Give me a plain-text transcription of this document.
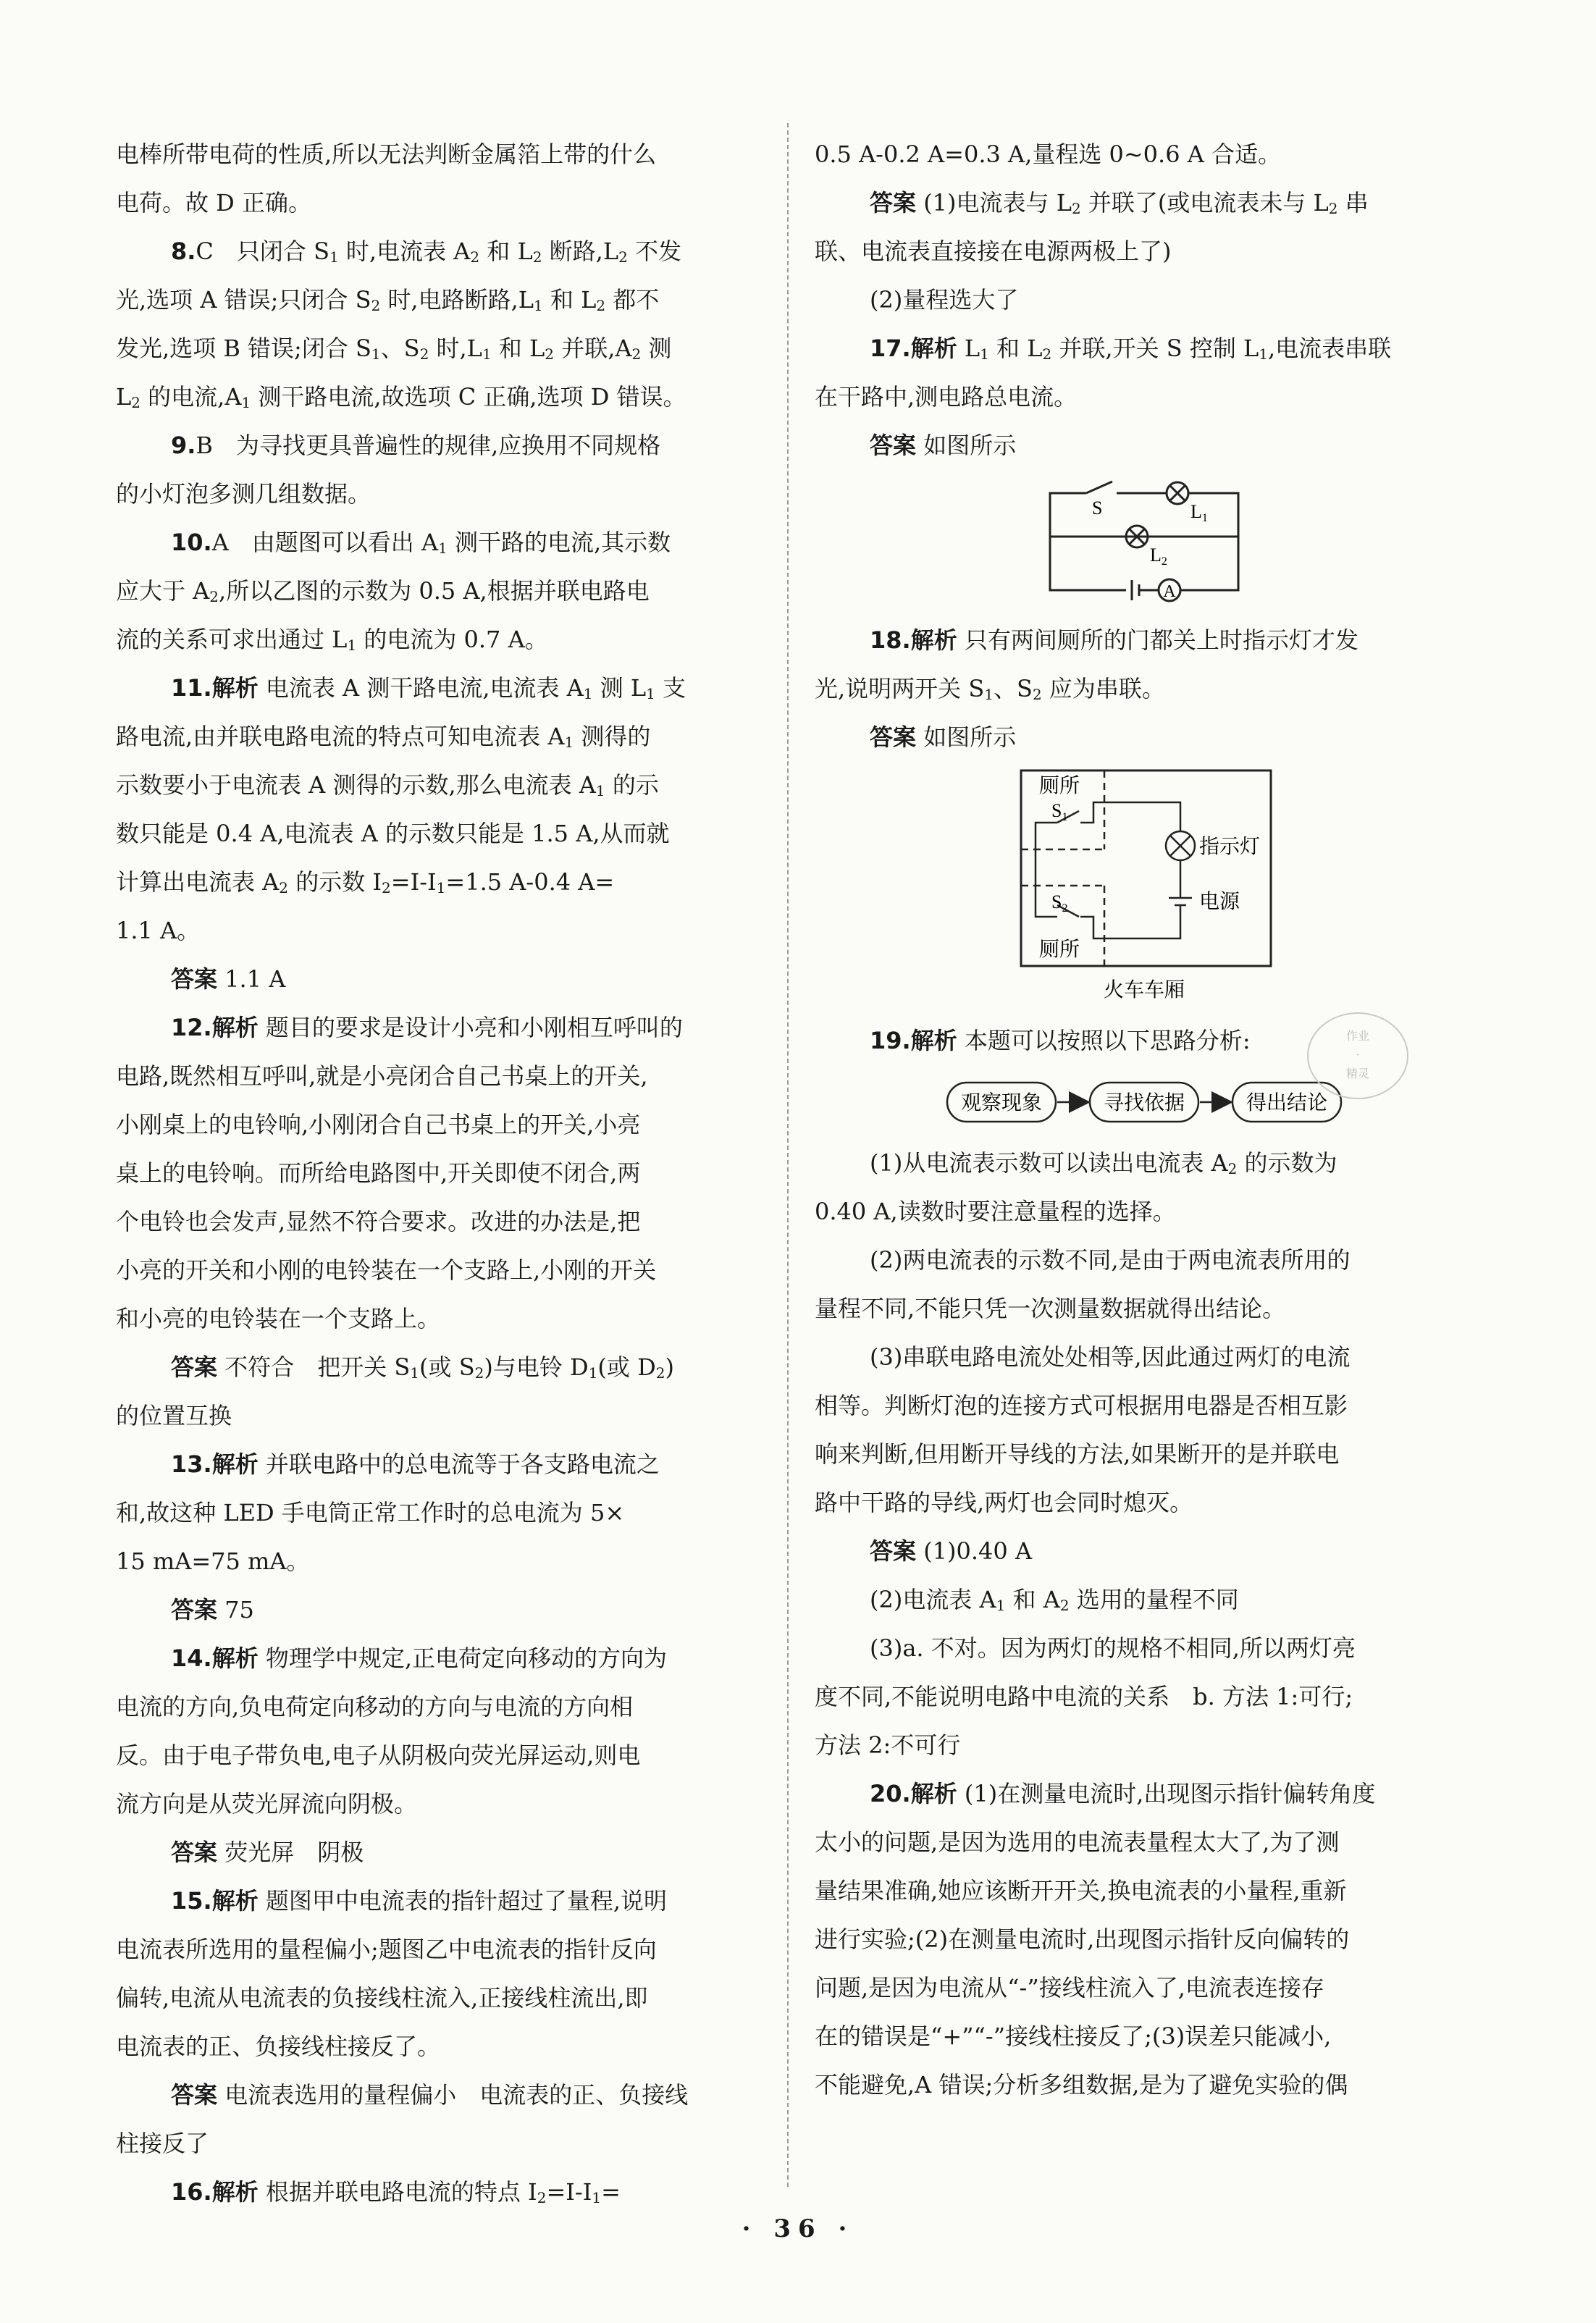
电棒所带电荷的性质,所以无法判断金属箔上带的什么

电荷。故 D 正确。

8.C　只闭合 $S_1$ 时,电流表 $A_2$ 和 $L_2$ 断路$,L_2$ 不发

光,选项 A 错误;只闭合 $S_2$ 时,电路断路$,L_1$ 和 $L_2$ 都不

发光,选项 B 错误;闭合 $S_1$、$S_2$ 时$,L_1$ 和 $L_2$ 并联$,A_2$ 测

$L_2$ 的电流$,A_1$ 测干路电流,故选项 C 正确,选项 D 错误。

9.B　为寻找更具普遍性的规律,应换用不同规格

的小灯泡多测几组数据。

10.A　由题图可以看出 $A_1$ 测干路的电流,其示数

应大于 $A_2$,所以乙图的示数为 0.5 A,根据并联电路电

流的关系可求出通过 $L_1$ 的电流为 0.7 A。

11.解析 电流表 A 测干路电流,电流表 $A_1$ 测 $L_1$ 支

路电流,由并联电路电流的特点可知电流表 $A_1$ 测得的

示数要小于电流表 A 测得的示数,那么电流表 $A_1$ 的示

数只能是 0.4 A,电流表 A 的示数只能是 1.5 A,从而就

计算出电流表 $A_2$ 的示数 $I_2=I-I_1=1.5$ A-0.4 A=

1.1 A。

答案 1.1 A

12.解析 题目的要求是设计小亮和小刚相互呼叫的

电路,既然相互呼叫,就是小亮闭合自己书桌上的开关,

小刚桌上的电铃响,小刚闭合自己书桌上的开关,小亮

桌上的电铃响。而所给电路图中,开关即使不闭合,两

个电铃也会发声,显然不符合要求。改进的办法是,把

小亮的开关和小刚的电铃装在一个支路上,小刚的开关

和小亮的电铃装在一个支路上。

答案 不符合　把开关 $S_1$(或 $S_2$)与电铃 $D_1$(或 $D_2$)

的位置互换

13.解析 并联电路中的总电流等于各支路电流之

和,故这种 LED 手电筒正常工作时的总电流为 5×

15 mA=75 mA。

答案 75

14.解析 物理学中规定,正电荷定向移动的方向为

电流的方向,负电荷定向移动的方向与电流的方向相

反。由于电子带负电,电子从阴极向荧光屏运动,则电

流方向是从荧光屏流向阴极。

答案 荧光屏　阴极

15.解析 题图甲中电流表的指针超过了量程,说明

电流表所选用的量程偏小;题图乙中电流表的指针反向

偏转,电流从电流表的负接线柱流入,正接线柱流出,即

电流表的正、负接线柱接反了。

答案 电流表选用的量程偏小　电流表的正、负接线

柱接反了

16.解析 根据并联电路电流的特点 $I_2=I-I_1=$

0.5 A-0.2 A=0.3 A,量程选 0~0.6 A 合适。

答案 (1)电流表与 $L_2$ 并联了(或电流表未与 $L_2$ 串

联、电流表直接接在电源两极上了)

(2)量程选大了

17.解析 $L_1$ 和 $L_2$ 并联,开关 S 控制 $L_1$,电流表串联

在干路中,测电路总电流。

答案 如图所示

S	L1
L2
A

18.解析 只有两间厕所的门都关上时指示灯才发

光,说明两开关 $S_1$、$S_2$ 应为串联。

答案 如图所示

厕所
S1
指示灯
电源
S2
厕所
火车车厢

19.解析 本题可以按照以下思路分析:

观察现象	寻找依据	得出结论

(1)从电流表示数可以读出电流表 $A_2$ 的示数为

0.40 A,读数时要注意量程的选择。

(2)两电流表的示数不同,是由于两电流表所用的

量程不同,不能只凭一次测量数据就得出结论。

(3)串联电路电流处处相等,因此通过两灯的电流

相等。判断灯泡的连接方式可根据用电器是否相互影

响来判断,但用断开导线的方法,如果断开的是并联电

路中干路的导线,两灯也会同时熄灭。

答案 (1)0.40 A

(2)电流表 $A_1$ 和 $A_2$ 选用的量程不同

(3)a. 不对。因为两灯的规格不相同,所以两灯亮

度不同,不能说明电路中电流的关系　b. 方法 1:可行;

方法 2:不可行

20.解析 (1)在测量电流时,出现图示指针偏转角度

太小的问题,是因为选用的电流表量程太大了,为了测

量结果准确,她应该断开开关,换电流表的小量程,重新

进行实验;(2)在测量电流时,出现图示指针反向偏转的

问题,是因为电流从“-”接线柱流入了,电流表连接存

在的错误是“+”“-”接线柱接反了;(3)误差只能减小,

不能避免,A 错误;分析多组数据,是为了避免实验的偶

作业
·
精灵
· 36 ·
